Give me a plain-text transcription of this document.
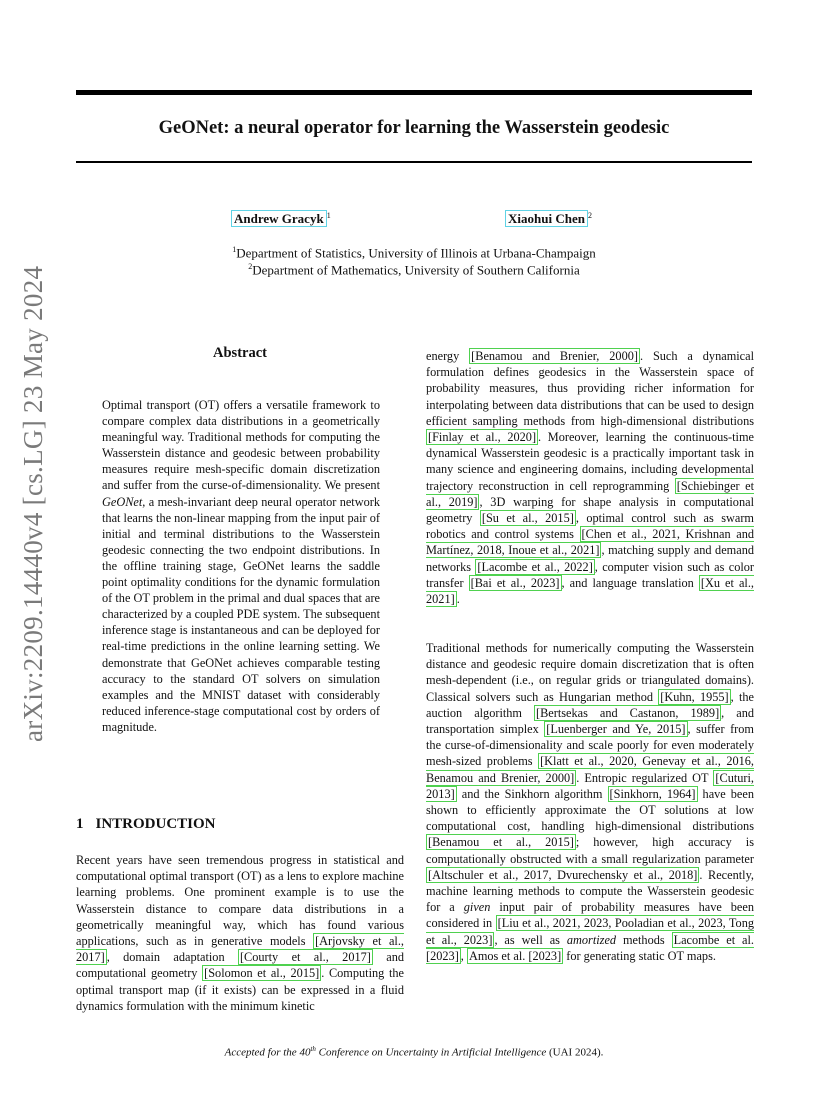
arXiv:2209.14440v4 [cs.LG] 23 May 2024
GeONet: a neural operator for learning the Wasserstein geodesic
Andrew Gracyk $^1$	Xiaohui Chen $^2$
$^1$Department of Statistics, University of Illinois at Urbana-Champaign
$^2$Department of Mathematics, University of Southern California
Abstract
Optimal transport (OT) offers a versatile framework to compare complex data distributions in a geometrically meaningful way. Traditional methods for computing the Wasserstein distance and geodesic between probability measures require mesh-specific domain discretization and suffer from the curse-of-dimensionality. We present GeONet, a mesh-invariant deep neural operator network that learns the non-linear mapping from the input pair of initial and terminal distributions to the Wasserstein geodesic connecting the two endpoint distributions. In the offline training stage, GeONet learns the saddle point optimality conditions for the dynamic formulation of the OT problem in the primal and dual spaces that are characterized by a coupled PDE system. The subsequent inference stage is instantaneous and can be deployed for real-time predictions in the online learning setting. We demonstrate that GeONet achieves comparable testing accuracy to the standard OT solvers on simulation examples and the MNIST dataset with considerably reduced inference-stage computational cost by orders of magnitude.
1 INTRODUCTION
Recent years have seen tremendous progress in statistical and computational optimal transport (OT) as a lens to explore machine learning problems. One prominent example is to use the Wasserstein distance to compare data distributions in a geometrically meaningful way, which has found various applications, such as in generative models [Arjovsky et al., 2017] , domain adaptation [Courty et al., 2017] and computational geometry [Solomon et al., 2015] . Computing the optimal transport map (if it exists) can be expressed in a fluid dynamics formulation with the minimum kinetic
energy [Benamou and Brenier, 2000] . Such a dynamical formulation defines geodesics in the Wasserstein space of probability measures, thus providing richer information for interpolating between data distributions that can be used to design efficient sampling methods from high-dimensional distributions [Finlay et al., 2020] . Moreover, learning the continuous-time dynamical Wasserstein geodesic is a practically important task in many science and engineering domains, including developmental trajectory reconstruction in cell reprogramming [Schiebinger et al., 2019] , 3D warping for shape analysis in computational geometry [Su et al., 2015] , optimal control such as swarm robotics and control systems [Chen et al., 2021, Krishnan and Martínez, 2018, Inoue et al., 2021] , matching supply and demand networks [Lacombe et al., 2022] , computer vision such as color transfer [Bai et al., 2023] , and language translation [Xu et al., 2021] .
Traditional methods for numerically computing the Wasserstein distance and geodesic require domain discretization that is often mesh-dependent (i.e., on regular grids or triangulated domains). Classical solvers such as Hungarian method [Kuhn, 1955] , the auction algorithm [Bertsekas and Castanon, 1989] , and transportation simplex [Luenberger and Ye, 2015] , suffer from the curse-of-dimensionality and scale poorly for even moderately mesh-sized problems [Klatt et al., 2020, Genevay et al., 2016, Benamou and Brenier, 2000] . Entropic regularized OT [Cuturi, 2013] and the Sinkhorn algorithm [Sinkhorn, 1964] have been shown to efficiently approximate the OT solutions at low computational cost, handling high-dimensional distributions [Benamou et al., 2015] ; however, high accuracy is computationally obstructed with a small regularization parameter [Altschuler et al., 2017, Dvurechensky et al., 2018] . Recently, machine learning methods to compute the Wasserstein geodesic for a given input pair of probability measures have been considered in [Liu et al., 2021, 2023, Pooladian et al., 2023, Tong et al., 2023] , as well as amortized methods Lacombe et al. [2023] , Amos et al. [2023] for generating static OT maps.
Accepted for the 40th Conference on Uncertainty in Artificial Intelligence (UAI 2024).
